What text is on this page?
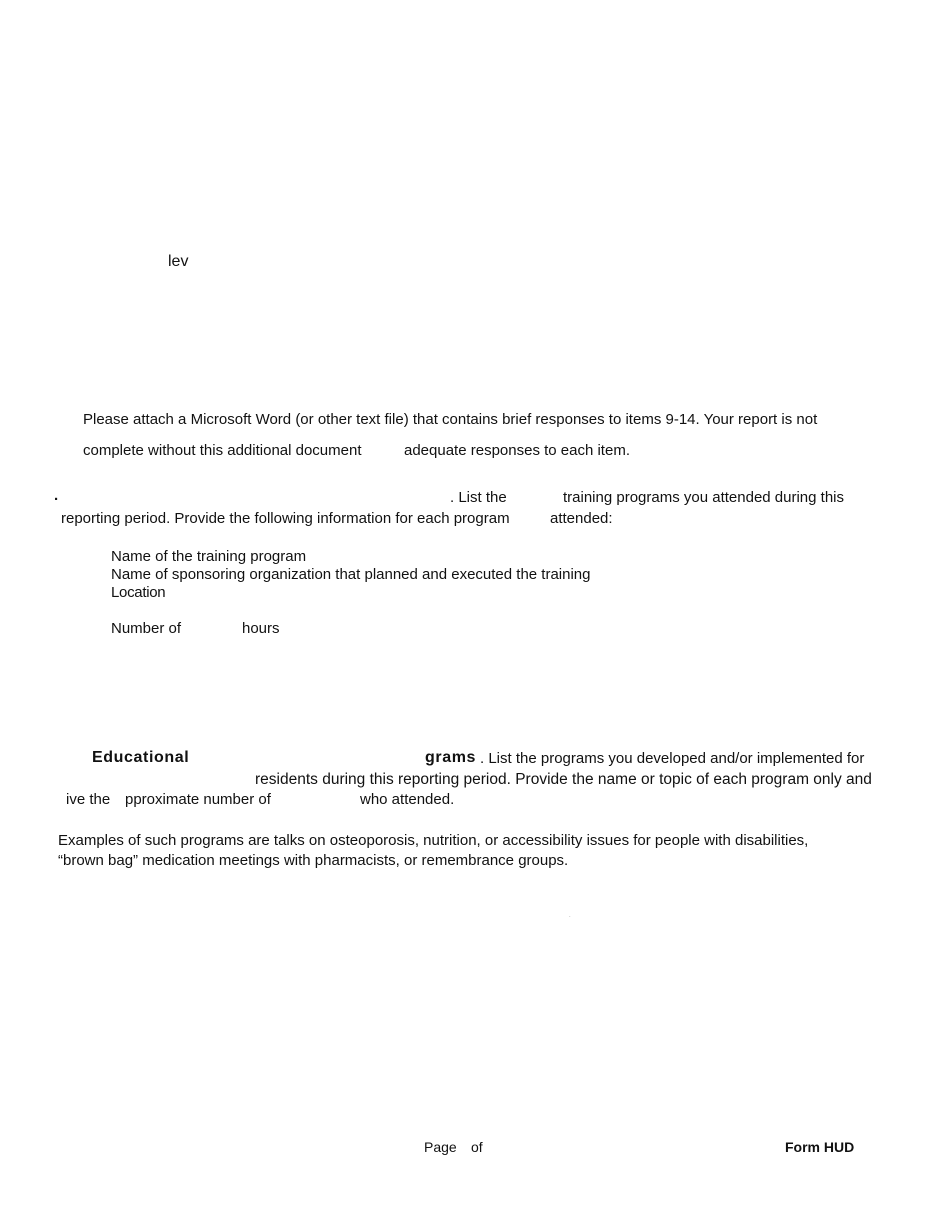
lev

Please attach a Microsoft Word (or other text file) that contains brief responses to items 9-14. Your report is not

complete without this additional document	adequate responses to each item.

.	. List the	training programs you attended during this

reporting period. Provide the following information for each program	attended:

Name of the training program

Name of sponsoring organization that planned and executed the training

Location

Number of	hours

Educational	grams . List the programs you developed and/or implemented for

residents during this reporting period. Provide the name or topic of each program only and

ive the pproximate number of	who attended.

Examples of such programs are talks on osteoporosis, nutrition, or accessibility issues for people with disabilities,

“brown bag” medication meetings with pharmacists, or remembrance groups.

.

Page of	Form HUD
